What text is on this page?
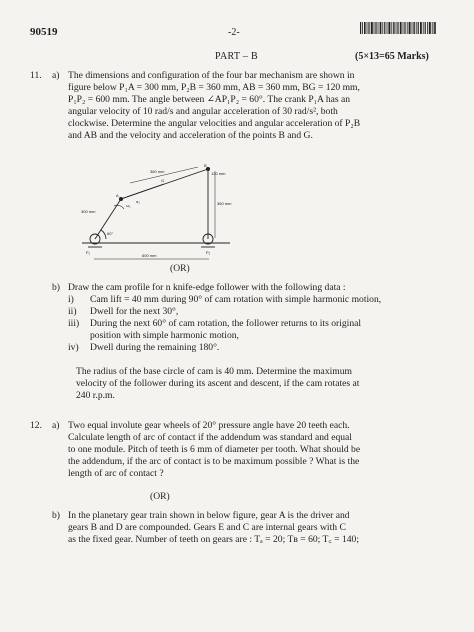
90519	-2-
PART – B	(5×13=65 Marks)
11. a) The dimensions and configuration of the four bar mechanism are shown in
figure below P₁A = 300 mm, P₂B = 360 mm, AB = 360 mm, BG = 120 mm,
P₁P₂ = 600 mm. The angle between ∠AP₁P₂ = 60°. The crank P₁A has an
angular velocity of 10 rad/s and angular acceleration of 30 rad/s², both
clockwise. Determine the angular velocities and angular acceleration of P₂B
and AB and the velocity and acceleration of the points B and G.
300 mm
360 mm	120 mm
360 mm
600 mm
A
B
G
P₁	P₂
60°
ω₁
α₁
(OR)
b) Draw the cam profile for n knife-edge follower with the following data :
i) Cam lift = 40 mm during 90° of cam rotation with simple harmonic motion,
ii) Dwell for the next 30°,
iii) During the next 60° of cam rotation, the follower returns to its original
position with simple harmonic motion,
iv) Dwell during the remaining 180°.
The radius of the base circle of cam is 40 mm. Determine the maximum
velocity of the follower during its ascent and descent, if the cam rotates at
240 r.p.m.
12. a) Two equal involute gear wheels of 20° pressure angle have 20 teeth each.
Calculate length of arc of contact if the addendum was standard and equal
to one module. Pitch of teeth is 6 mm of diameter per tooth. What should be
the addendum, if the arc of contact is to be maximum possible ? What is the
length of arc of contact ?
(OR)
b) In the planetary gear train shown in below figure, gear A is the driver and
gears B and D are compounded. Gears E and C are internal gears with C
as the fixed gear. Number of teeth on gears are : Tₐ = 20; Tʙ = 60; T꜀ = 140;
